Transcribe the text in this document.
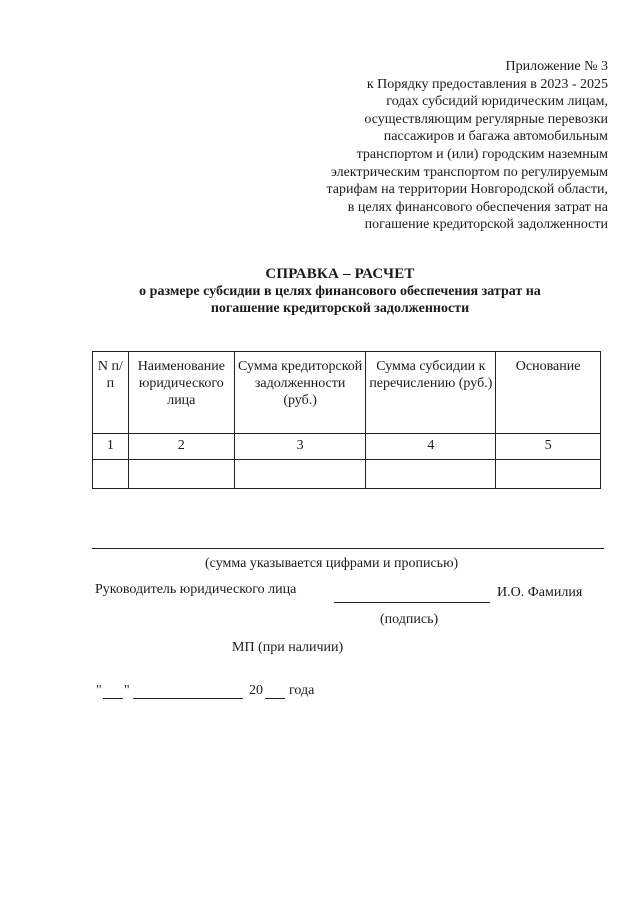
Приложение № 3
к Порядку предоставления в 2023 - 2025
годах субсидий юридическим лицам,
осуществляющим регулярные перевозки
пассажиров и багажа автомобильным
транспортом и (или) городским наземным
электрическим транспортом по регулируемым
тарифам на территории Новгородской области,
в целях финансового обеспечения затрат на
погашение кредиторской задолженности
СПРАВКА – РАСЧЕТ
о размере субсидии в целях финансового обеспечения затрат на
погашение кредиторской задолженности
N п/п	Наименование юридического лица	Сумма кредиторской задолженности (руб.)	Сумма субсидии к перечислению (руб.)	Основание
1	2	3	4	5

(сумма указывается цифрами и прописью)
Руководитель юридического лица	И.О. Фамилия
(подпись)
МП (при наличии)
" "	20 года
